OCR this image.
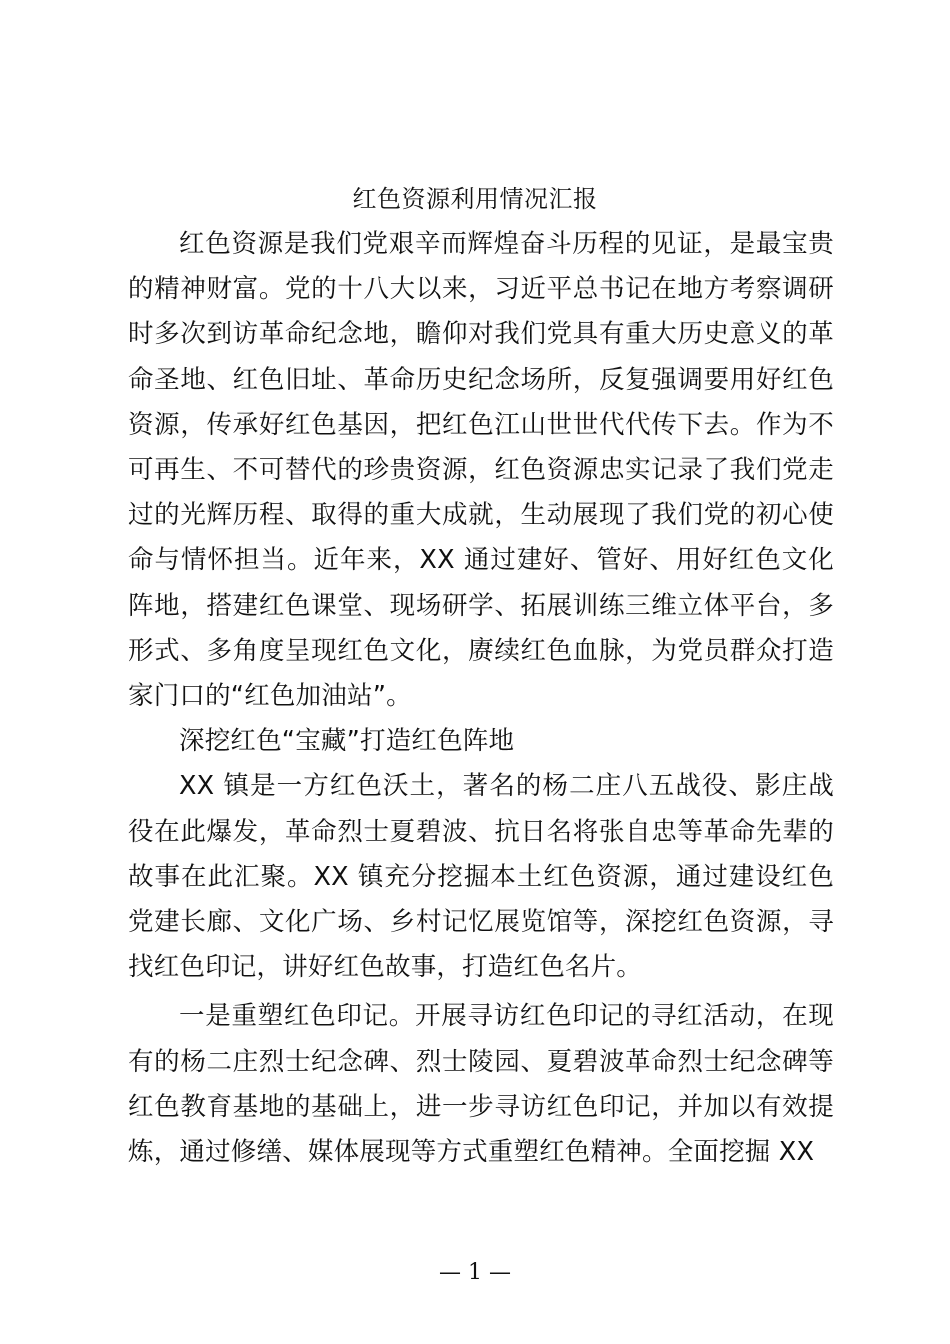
红色资源利用情况汇报

红色资源是我们党艰辛而辉煌奋斗历程的见证，是最宝贵的精神财富。党的十八大以来，习近平总书记在地方考察调研时多次到访革命纪念地，瞻仰对我们党具有重大历史意义的革命圣地、红色旧址、革命历史纪念场所，反复强调要用好红色资源，传承好红色基因，把红色江山世世代代传下去。作为不可再生、不可替代的珍贵资源，红色资源忠实记录了我们党走过的光辉历程、取得的重大成就，生动展现了我们党的初心使命与情怀担当。近年来，XX 通过建好、管好、用好红色文化阵地，搭建红色课堂、现场研学、拓展训练三维立体平台，多形式、多角度呈现红色文化，赓续红色血脉，为党员群众打造家门口的“红色加油站”。

深挖红色“宝藏”打造红色阵地

XX 镇是一方红色沃土，著名的杨二庄八五战役、影庄战役在此爆发，革命烈士夏碧波、抗日名将张自忠等革命先辈的故事在此汇聚。XX 镇充分挖掘本土红色资源，通过建设红色党建长廊、文化广场、乡村记忆展览馆等，深挖红色资源，寻找红色印记，讲好红色故事，打造红色名片。

一是重塑红色印记。开展寻访红色印记的寻红活动，在现有的杨二庄烈士纪念碑、烈士陵园、夏碧波革命烈士纪念碑等红色教育基地的基础上，进一步寻访红色印记，并加以有效提炼，通过修缮、媒体展现等方式重塑红色精神。全面挖掘 XX

— 1 —
